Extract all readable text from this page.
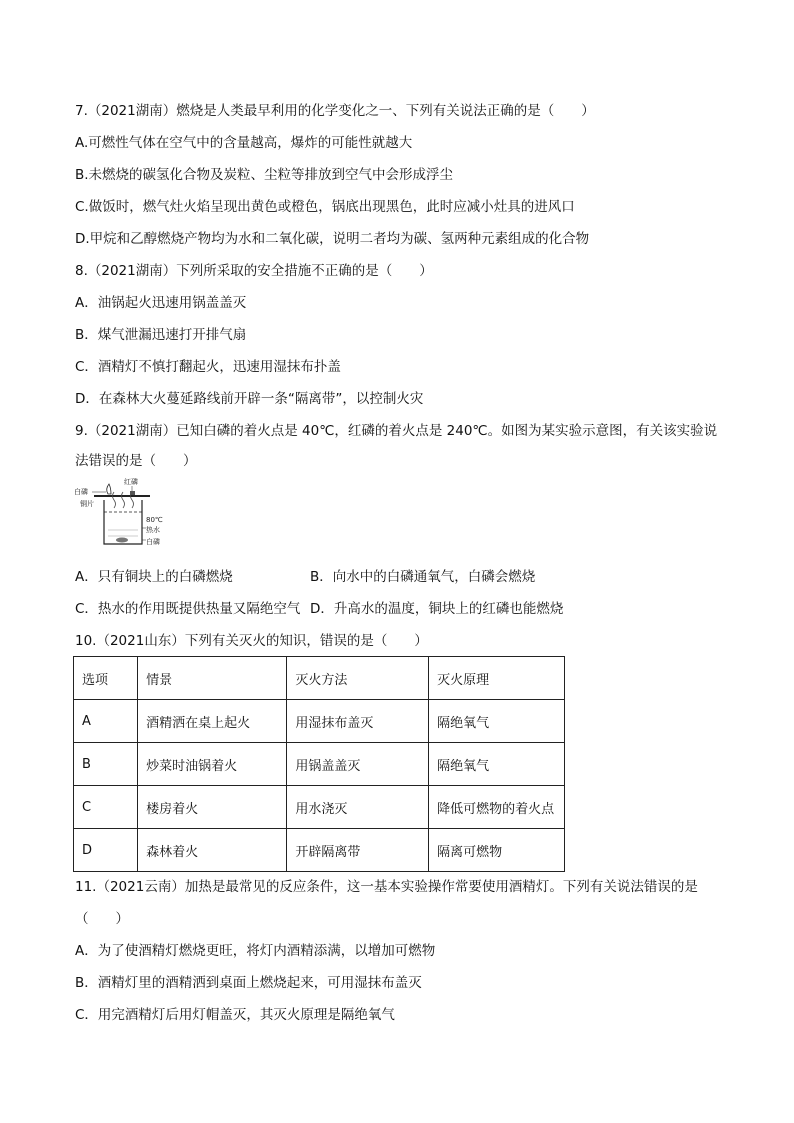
7.（2021湖南）燃烧是人类最早利用的化学变化之一、下列有关说法正确的是（　　）
A.可燃性气体在空气中的含量越高，爆炸的可能性就越大
B.未燃烧的碳氢化合物及炭粒、尘粒等排放到空气中会形成浮尘
C.做饭时，燃气灶火焰呈现出黄色或橙色，锅底出现黑色，此时应减小灶具的进风口
D.甲烷和乙醇燃烧产物均为水和二氧化碳，说明二者均为碳、氢两种元素组成的化合物
8.（2021湖南）下列所采取的安全措施不正确的是（　　）
A．油锅起火迅速用锅盖盖灭
B．煤气泄漏迅速打开排气扇
C．酒精灯不慎打翻起火，迅速用湿抹布扑盖
D．在森林大火蔓延路线前开辟一条“隔离带”，以控制火灾
9.（2021湖南）已知白磷的着火点是 40℃，红磷的着火点是 240℃。如图为某实验示意图，有关该实验说
法错误的是（　　）
红磷
白磷
铜片
80℃
热水
白磷
A．只有铜块上的白磷燃烧	B．向水中的白磷通氧气，白磷会燃烧
C．热水的作用既提供热量又隔绝空气 D．升高水的温度，铜块上的红磷也能燃烧
10.（2021山东）下列有关灭火的知识，错误的是（　　）
选项	情景	灭火方法	灭火原理
A	酒精洒在桌上起火	用湿抹布盖灭	隔绝氧气
B	炒菜时油锅着火	用锅盖盖灭	隔绝氧气
C	楼房着火	用水浇灭	降低可燃物的着火点
D	森林着火	开辟隔离带	隔离可燃物
11.（2021云南）加热是最常见的反应条件，这一基本实验操作常要使用酒精灯。下列有关说法错误的是
（　　）
A．为了使酒精灯燃烧更旺，将灯内酒精添满，以增加可燃物
B．酒精灯里的酒精洒到桌面上燃烧起来，可用湿抹布盖灭
C．用完酒精灯后用灯帽盖灭，其灭火原理是隔绝氧气
